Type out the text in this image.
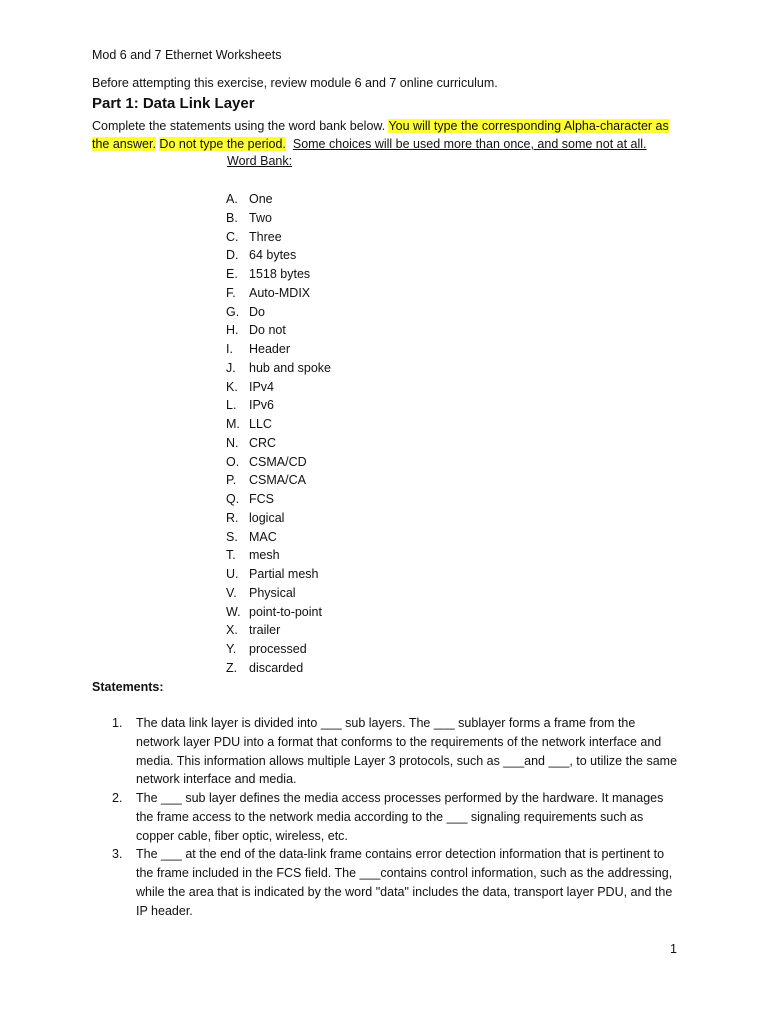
Mod 6 and 7 Ethernet Worksheets
Before attempting this exercise, review module 6 and 7 online curriculum.
Part 1: Data Link Layer
Complete the statements using the word bank below. You will type the corresponding Alpha-character as the answer. Do not type the period. Some choices will be used more than once, and some not at all.
Word Bank:
A. One
B. Two
C. Three
D. 64 bytes
E. 1518 bytes
F. Auto-MDIX
G. Do
H. Do not
I. Header
J. hub and spoke
K. IPv4
L. IPv6
M. LLC
N. CRC
O. CSMA/CD
P. CSMA/CA
Q. FCS
R. logical
S. MAC
T. mesh
U. Partial mesh
V. Physical
W. point-to-point
X. trailer
Y. processed
Z. discarded
Statements:
1.	The data link layer is divided into ___ sub layers. The ___ sublayer forms a frame from the network layer PDU into a format that conforms to the requirements of the network interface and media. This information allows multiple Layer 3 protocols, such as ___and ___, to utilize the same network interface and media.
2.	The ___ sub layer defines the media access processes performed by the hardware. It manages the frame access to the network media according to the ___ signaling requirements such as copper cable, fiber optic, wireless, etc.
3.	The ___ at the end of the data-link frame contains error detection information that is pertinent to the frame included in the FCS field. The ___contains control information, such as the addressing, while the area that is indicated by the word "data" includes the data, transport layer PDU, and the IP header.
1
